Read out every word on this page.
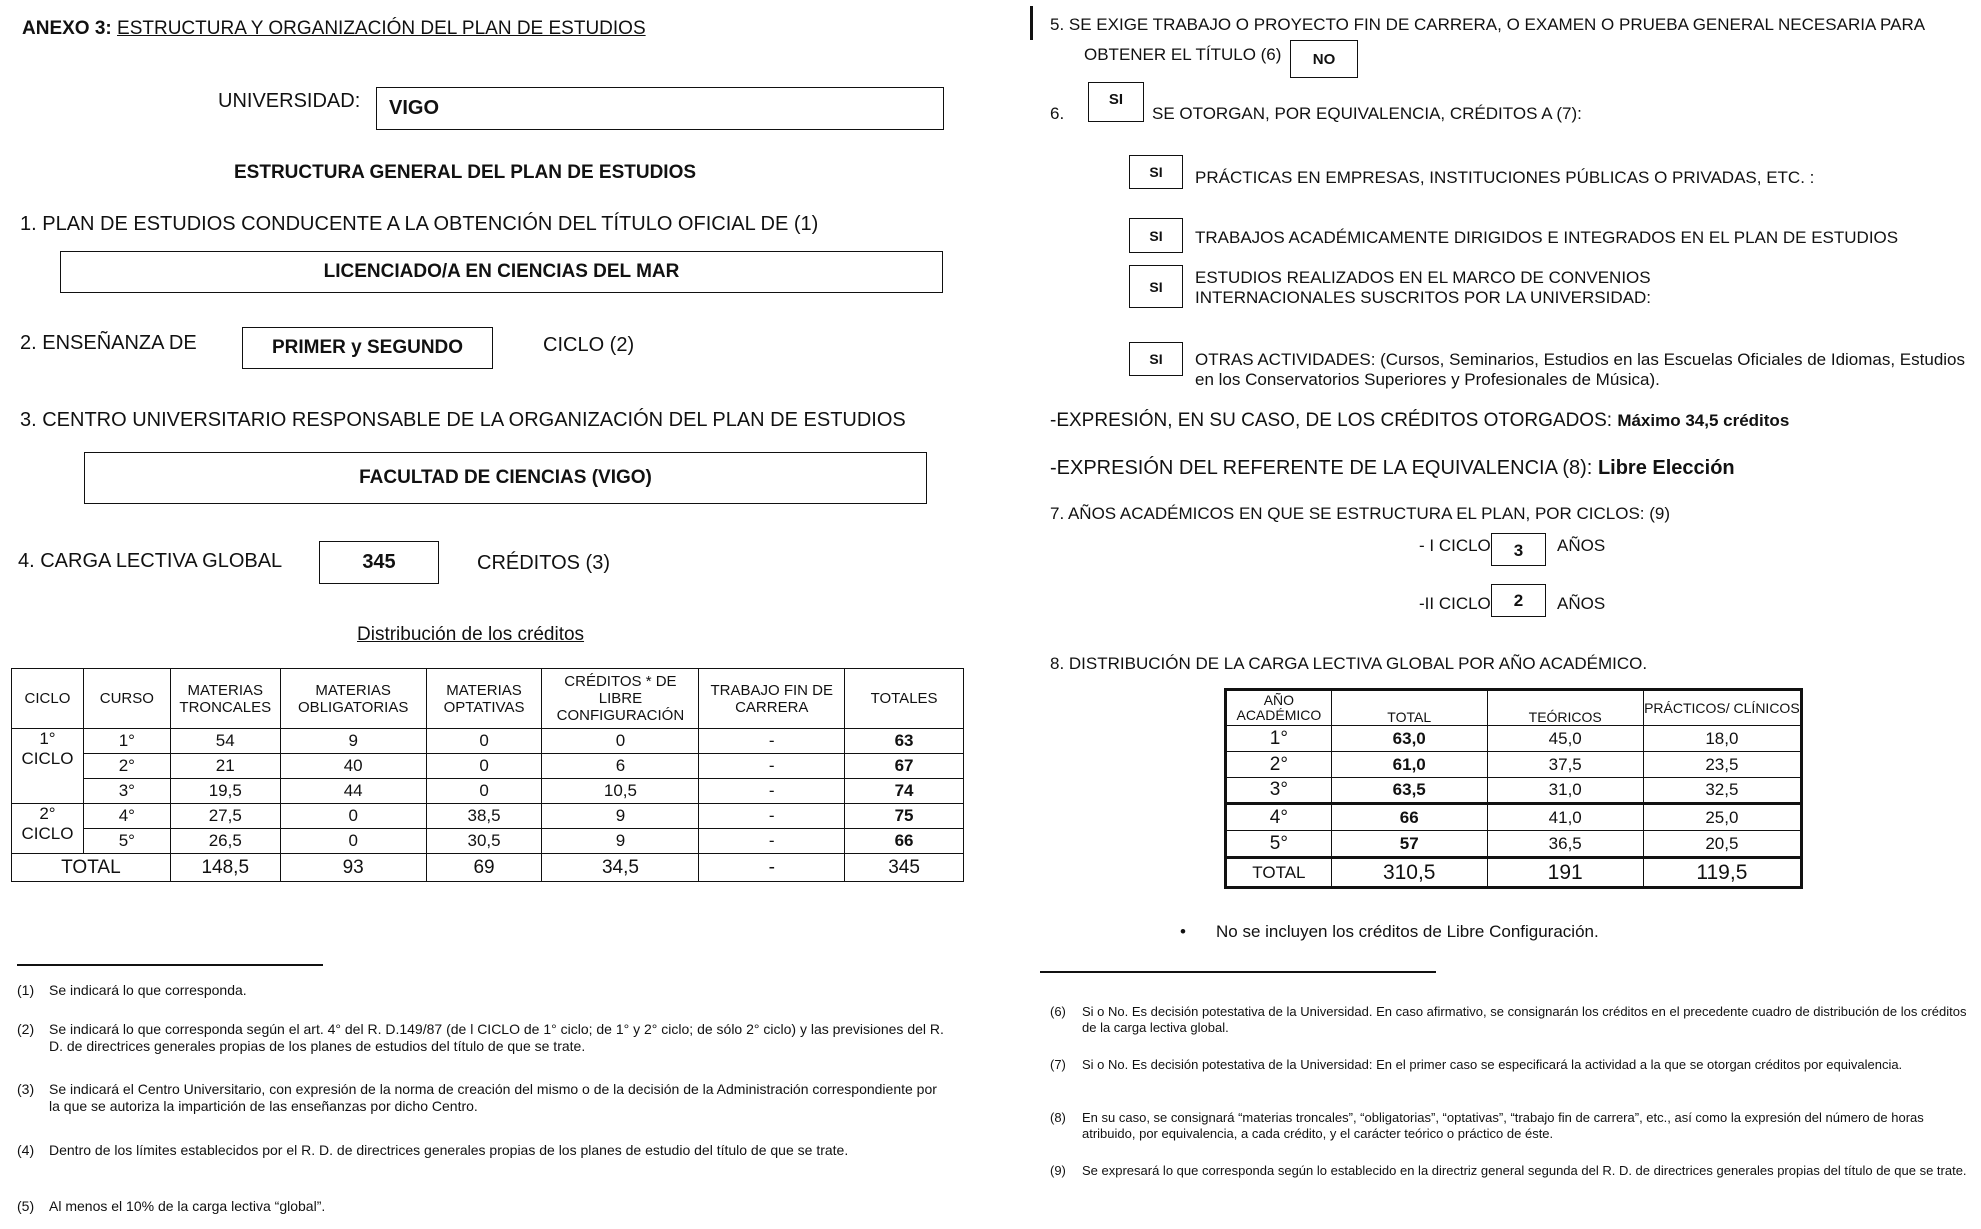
ANEXO 3: ESTRUCTURA Y ORGANIZACIÓN DEL PLAN DE ESTUDIOS
UNIVERSIDAD:	VIGO
ESTRUCTURA GENERAL DEL PLAN DE ESTUDIOS
1. PLAN DE ESTUDIOS CONDUCENTE A LA OBTENCIÓN DEL TÍTULO OFICIAL DE (1)
LICENCIADO/A EN CIENCIAS DEL MAR
2. ENSEÑANZA DE	PRIMER y SEGUNDO	CICLO (2)
3. CENTRO UNIVERSITARIO RESPONSABLE DE LA ORGANIZACIÓN DEL PLAN DE ESTUDIOS
FACULTAD DE CIENCIAS (VIGO)
4. CARGA LECTIVA GLOBAL	345	CRÉDITOS (3)
Distribución de los créditos
CICLO	CURSO	MATERIAS TRONCALES	MATERIAS OBLIGATORIAS	MATERIAS OPTATIVAS	CRÉDITOS * DE LIBRE CONFIGURACIÓN	TRABAJO FIN DE CARRERA	TOTALES
1° CICLO	1°	54	9	0	0	-	63
	2°	21	40	0	6	-	67
	3°	19,5	44	0	10,5	-	74
2° CICLO	4°	27,5	0	38,5	9	-	75
	5°	26,5	0	30,5	9	-	66
TOTAL		148,5	93	69	34,5	-	345
(1)	Se indicará lo que corresponda.
(2)	Se indicará lo que corresponda según el art. 4° del R. D.149/87 (de l CICLO de 1° ciclo; de 1° y 2° ciclo; de sólo 2° ciclo) y las previsiones del R. D. de directrices generales propias de los planes de estudios del título de que se trate.
(3)	Se indicará el Centro Universitario, con expresión de la norma de creación del mismo o de la decisión de la Administración correspondiente por la que se autoriza la impartición de las enseñanzas por dicho Centro.
(4)	Dentro de los límites establecidos por el R. D. de directrices generales propias de los planes de estudio del título de que se trate.
(5)	Al menos el 10% de la carga lectiva “global”.
5. SE EXIGE TRABAJO O PROYECTO FIN DE CARRERA, O EXAMEN O PRUEBA GENERAL NECESARIA PARA
OBTENER EL TÍTULO (6)	NO
6.
SI
SE OTORGAN, POR EQUIVALENCIA, CRÉDITOS A (7):
SI	PRÁCTICAS EN EMPRESAS, INSTITUCIONES PÚBLICAS O PRIVADAS, ETC. :
SI	TRABAJOS ACADÉMICAMENTE DIRIGIDOS E INTEGRADOS EN EL PLAN DE ESTUDIOS
SI	ESTUDIOS REALIZADOS EN EL MARCO DE CONVENIOS INTERNACIONALES SUSCRITOS POR LA UNIVERSIDAD:
SI	OTRAS ACTIVIDADES: (Cursos, Seminarios, Estudios en las Escuelas Oficiales de Idiomas, Estudios en los Conservatorios Superiores y Profesionales de Música).
-EXPRESIÓN, EN SU CASO, DE LOS CRÉDITOS OTORGADOS: Máximo 34,5 créditos
-EXPRESIÓN DEL REFERENTE DE LA EQUIVALENCIA (8): Libre Elección
7. AÑOS ACADÉMICOS EN QUE SE ESTRUCTURA EL PLAN, POR CICLOS: (9)
- I CICLO	3	AÑOS
-II CICLO	2	AÑOS
8. DISTRIBUCIÓN DE LA CARGA LECTIVA GLOBAL POR AÑO ACADÉMICO.
AÑO ACADÉMICO	TOTAL	TEÓRICOS	PRÁCTICOS/ CLÍNICOS
1°	63,0	45,0	18,0
2°	61,0	37,5	23,5
3°	63,5	31,0	32,5
4°	66	41,0	25,0
5°	57	36,5	20,5
TOTAL	310,5	191	119,5
• No se incluyen los créditos de Libre Configuración.
(6)	Si o No. Es decisión potestativa de la Universidad. En caso afirmativo, se consignarán los créditos en el precedente cuadro de distribución de los créditos de la carga lectiva global.
(7)	Si o No. Es decisión potestativa de la Universidad: En el primer caso se especificará la actividad a la que se otorgan créditos por equivalencia.
(8)	En su caso, se consignará “materias troncales”, “obligatorias”, “optativas”, “trabajo fin de carrera”, etc., así como la expresión del número de horas atribuido, por equivalencia, a cada crédito, y el carácter teórico o práctico de éste.
(9)	Se expresará lo que corresponda según lo establecido en la directriz general segunda del R. D. de directrices generales propias del título de que se trate.
